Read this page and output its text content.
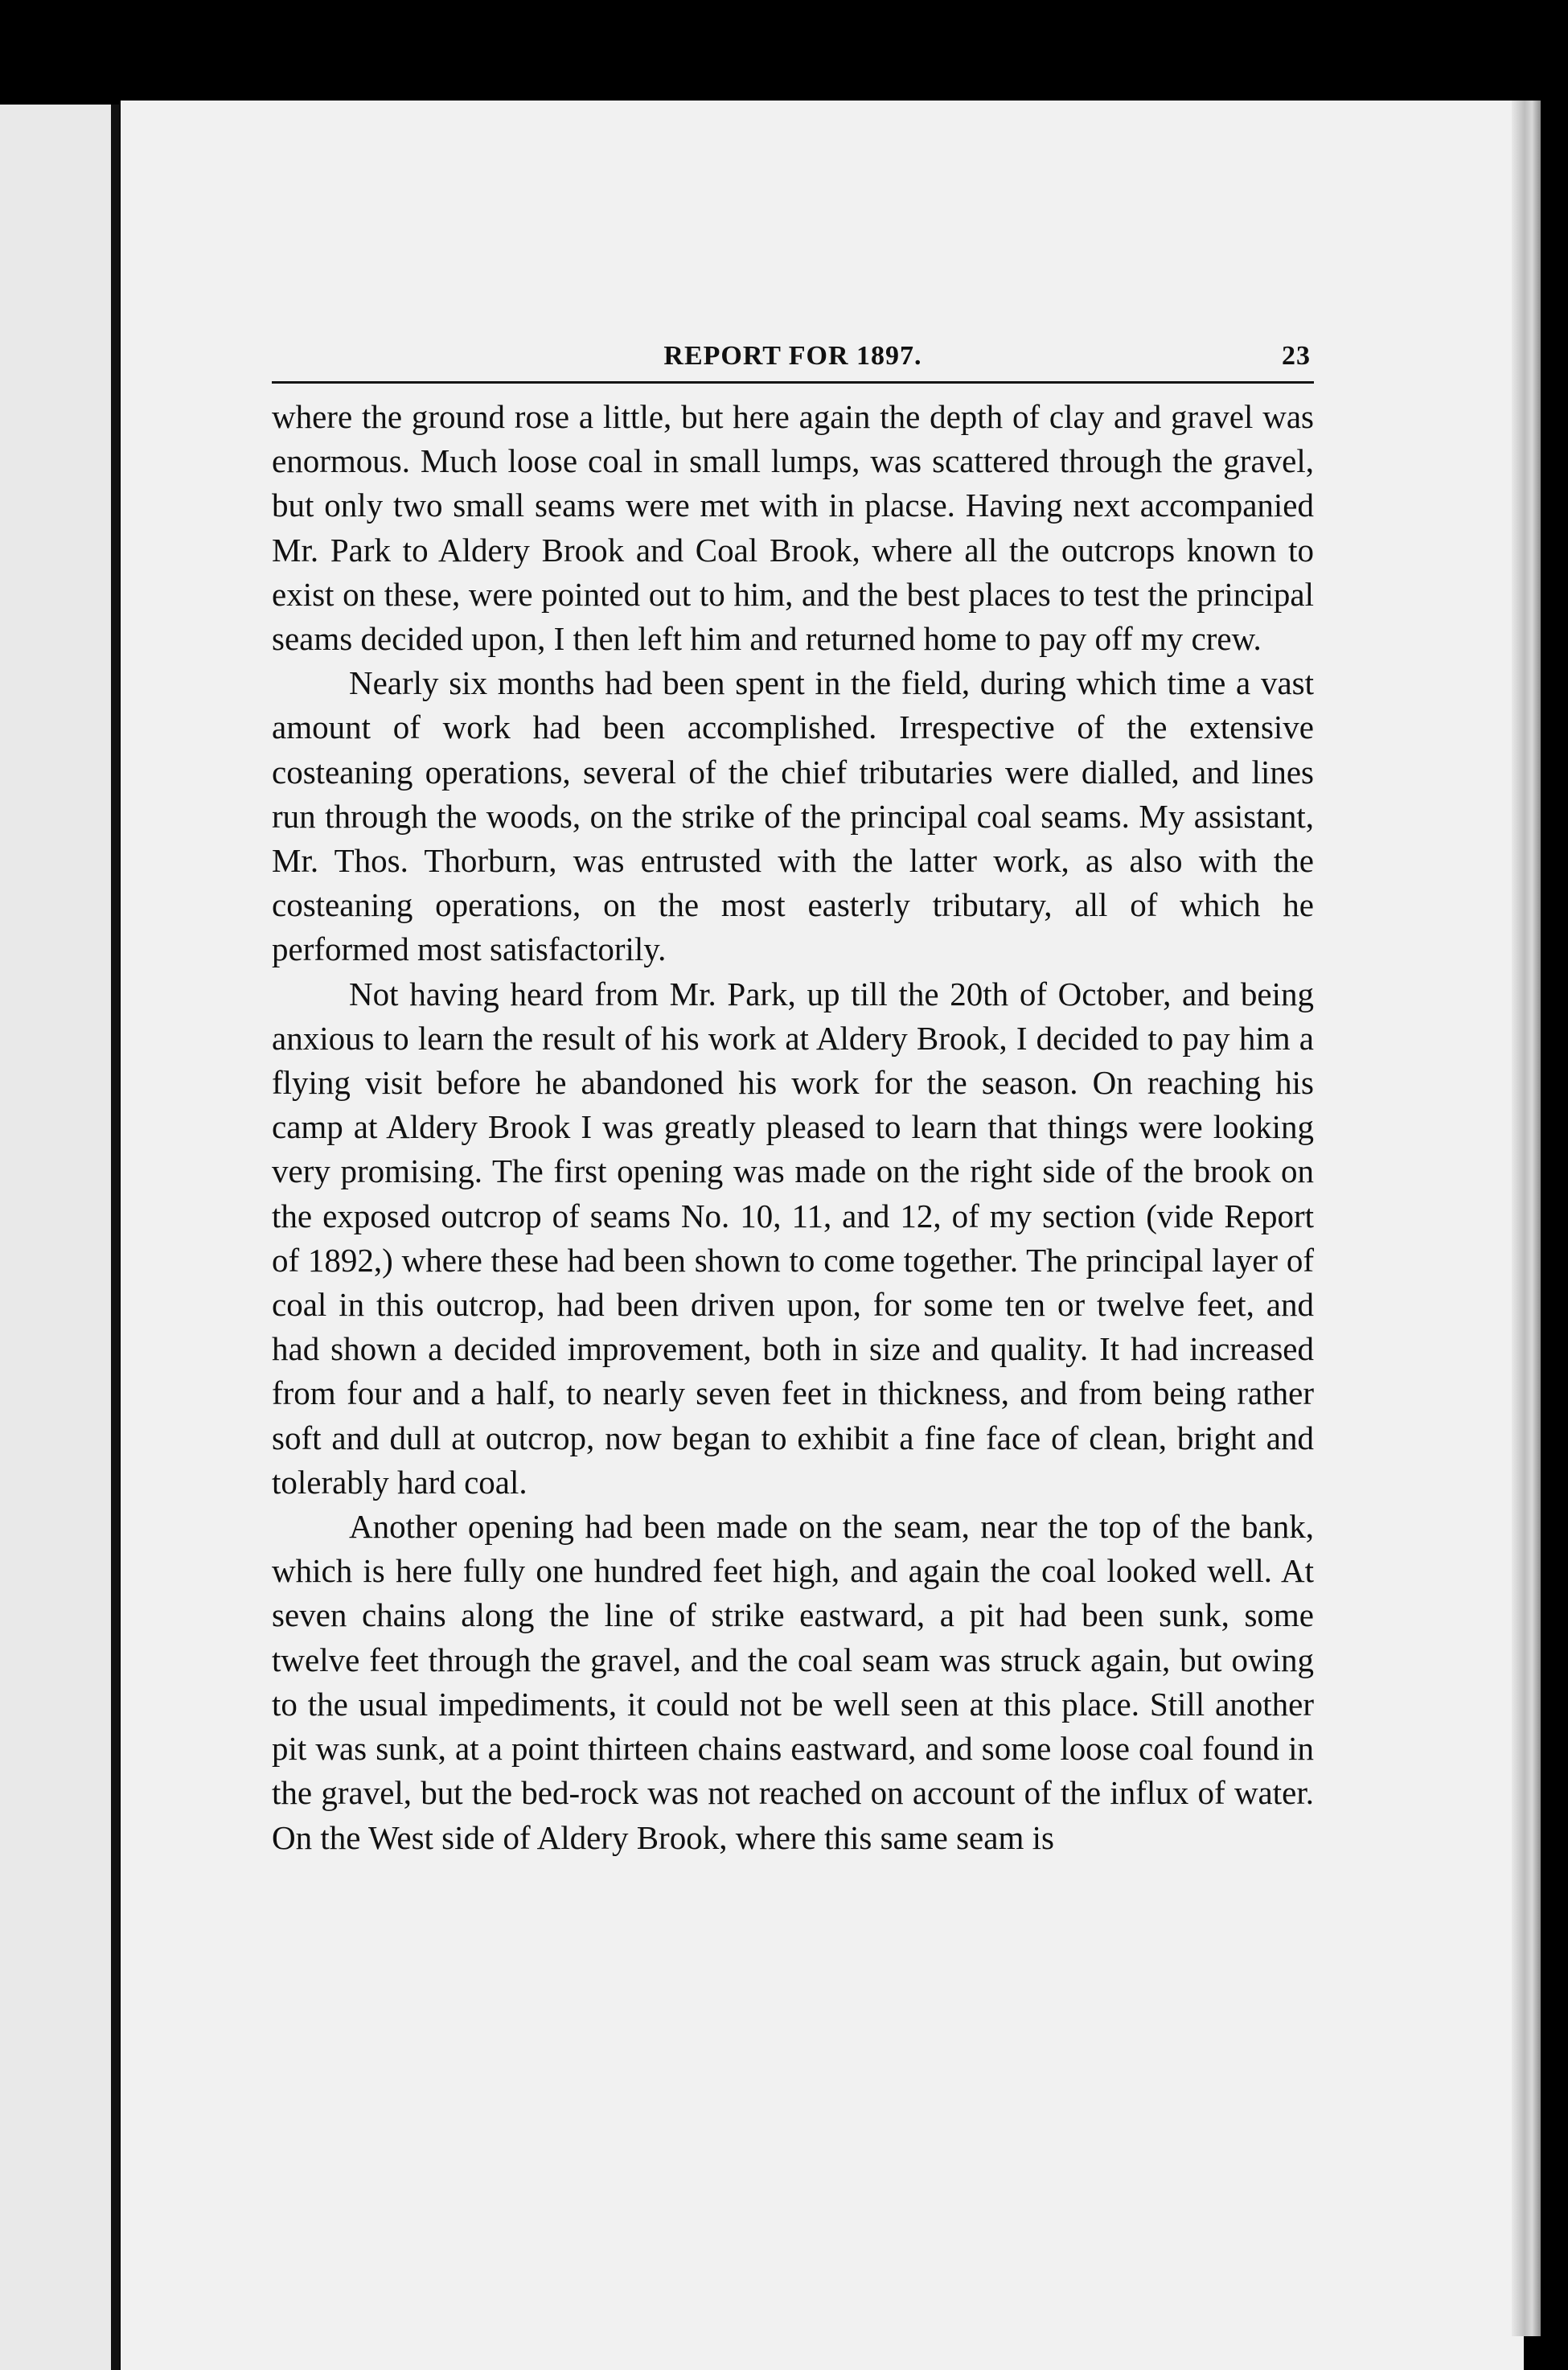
REPORT FOR 1897.	23

where the ground rose a little, but here again the depth of clay and gravel was enormous. Much loose coal in small lumps, was scattered through the gravel, but only two small seams were met with in placse. Having next accompanied Mr. Park to Aldery Brook and Coal Brook, where all the outcrops known to exist on these, were pointed out to him, and the best places to test the principal seams decided upon, I then left him and returned home to pay off my crew.

Nearly six months had been spent in the field, during which time a vast amount of work had been accomplished. Irrespective of the extensive costeaning operations, several of the chief tributaries were dialled, and lines run through the woods, on the strike of the principal coal seams. My assistant, Mr. Thos. Thorburn, was entrusted with the latter work, as also with the costeaning operations, on the most easterly tributary, all of which he performed most satisfactorily.

Not having heard from Mr. Park, up till the 20th of October, and being anxious to learn the result of his work at Aldery Brook, I decided to pay him a flying visit before he abandoned his work for the season. On reaching his camp at Aldery Brook I was greatly pleased to learn that things were looking very promising. The first opening was made on the right side of the brook on the exposed outcrop of seams No. 10, 11, and 12, of my section (vide Report of 1892,) where these had been shown to come together. The principal layer of coal in this outcrop, had been driven upon, for some ten or twelve feet, and had shown a decided improvement, both in size and quality. It had increased from four and a half, to nearly seven feet in thickness, and from being rather soft and dull at outcrop, now began to exhibit a fine face of clean, bright and tolerably hard coal.

Another opening had been made on the seam, near the top of the bank, which is here fully one hundred feet high, and again the coal looked well. At seven chains along the line of strike eastward, a pit had been sunk, some twelve feet through the gravel, and the coal seam was struck again, but owing to the usual impediments, it could not be well seen at this place. Still another pit was sunk, at a point thirteen chains eastward, and some loose coal found in the gravel, but the bed-rock was not reached on account of the influx of water. On the West side of Aldery Brook, where this same seam is
